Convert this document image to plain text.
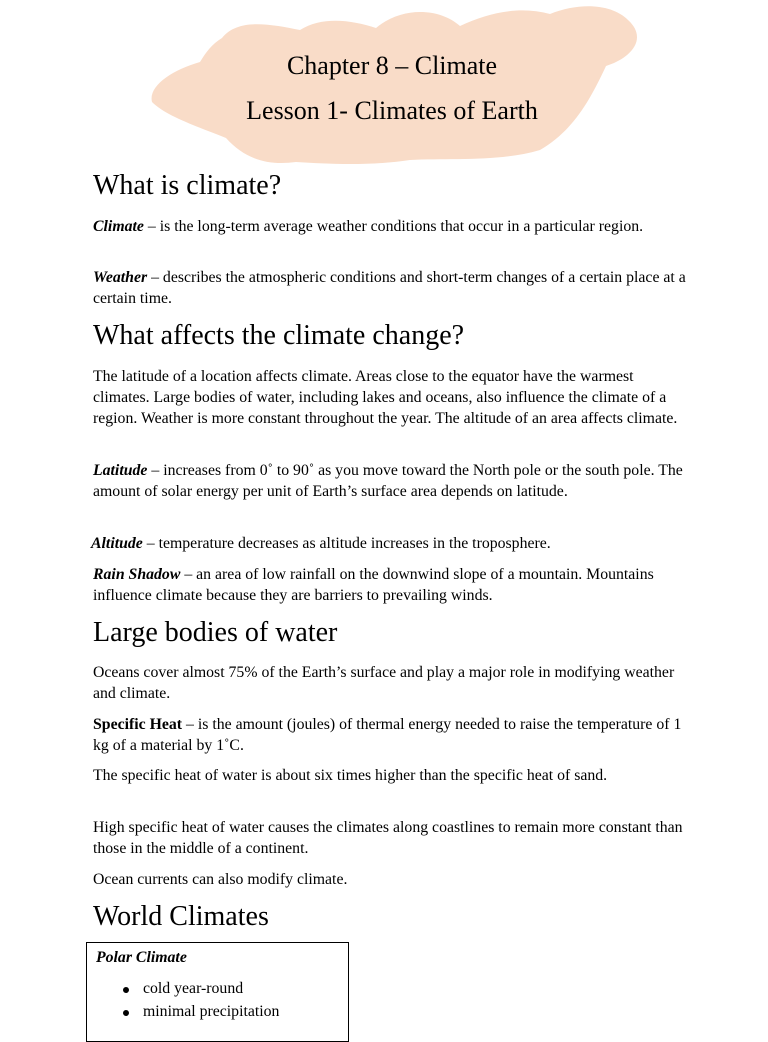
Chapter 8 – Climate
Lesson 1- Climates of Earth
What is climate?

Climate – is the long-term average weather conditions that occur in a particular region.

Weather – describes the atmospheric conditions and short-term changes of a certain place at a certain time.

What affects the climate change?

The latitude of a location affects climate. Areas close to the equator have the warmest climates. Large bodies of water, including lakes and oceans, also influence the climate of a region. Weather is more constant throughout the year. The altitude of an area affects climate.

Latitude – increases from 0˚ to 90˚ as you move toward the North pole or the south pole. The amount of solar energy per unit of Earth’s surface area depends on latitude.

Altitude – temperature decreases as altitude increases in the troposphere.

Rain Shadow – an area of low rainfall on the downwind slope of a mountain. Mountains influence climate because they are barriers to prevailing winds.

Large bodies of water

Oceans cover almost 75% of the Earth’s surface and play a major role in modifying weather and climate.

Specific Heat – is the amount (joules) of thermal energy needed to raise the temperature of 1 kg of a material by 1˚C.

The specific heat of water is about six times higher than the specific heat of sand.

High specific heat of water causes the climates along coastlines to remain more constant than those in the middle of a continent.

Ocean currents can also modify climate.

World Climates
Polar Climate
cold year-round
minimal precipitation
